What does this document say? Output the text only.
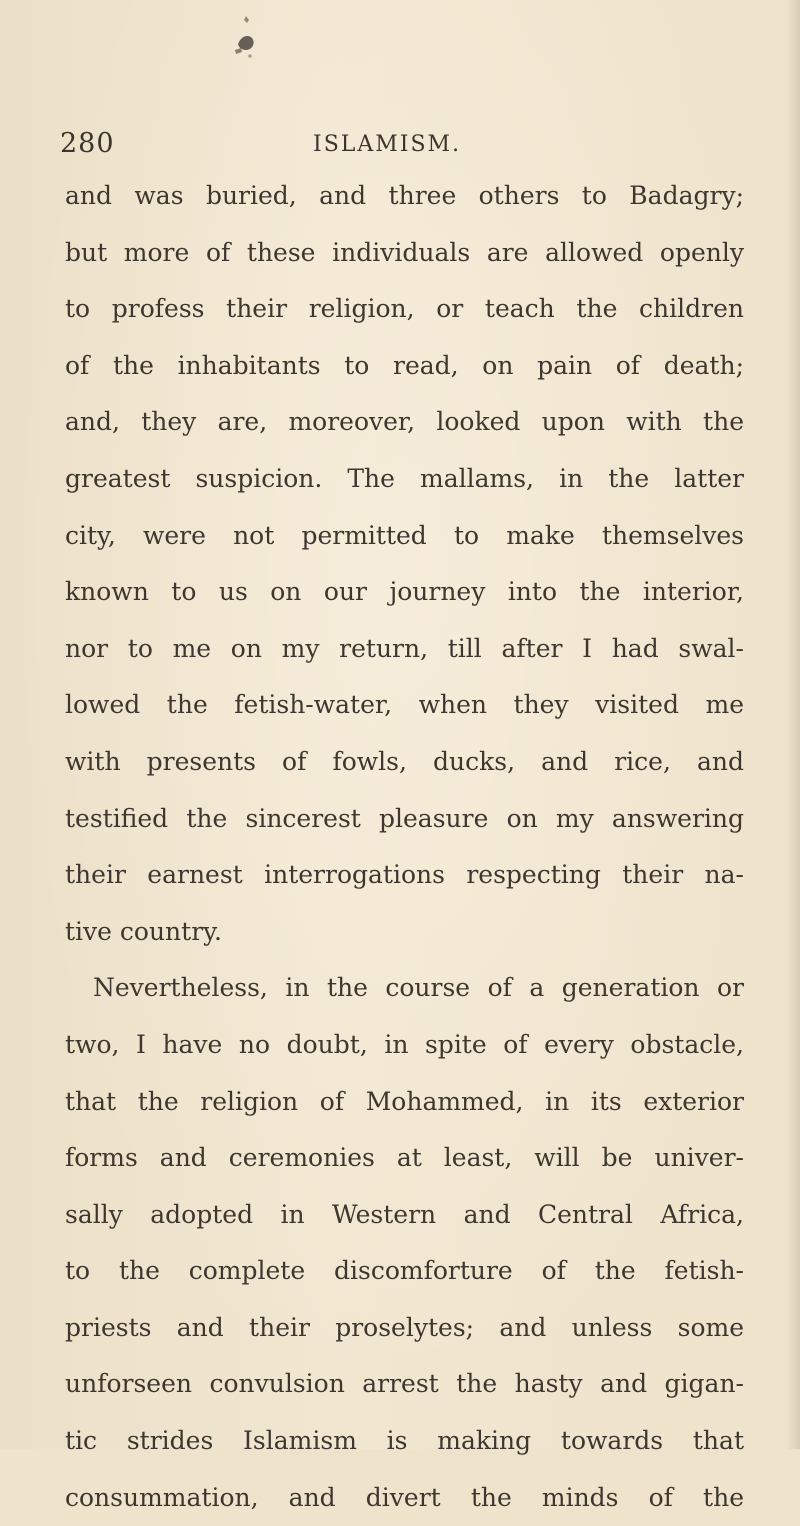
280	ISLAMISM.
and was buried, and three others to Badagry;
but more of these individuals are allowed openly
to profess their religion, or teach the children
of the inhabitants to read, on pain of death;
and, they are, moreover, looked upon with the
greatest suspicion. The mallams, in the latter
city, were not permitted to make themselves
known to us on our journey into the interior,
nor to me on my return, till after I had swal-
lowed the fetish-water, when they visited me
with presents of fowls, ducks, and rice, and
testified the sincerest pleasure on my answering
their earnest interrogations respecting their na-
tive country.
Nevertheless, in the course of a generation or
two, I have no doubt, in spite of every obstacle,
that the religion of Mohammed, in its exterior
forms and ceremonies at least, will be univer-
sally adopted in Western and Central Africa,
to the complete discomforture of the fetish-
priests and their proselytes; and unless some
unforseen convulsion arrest the hasty and gigan-
tic strides Islamism is making towards that
consummation, and divert the minds of the
